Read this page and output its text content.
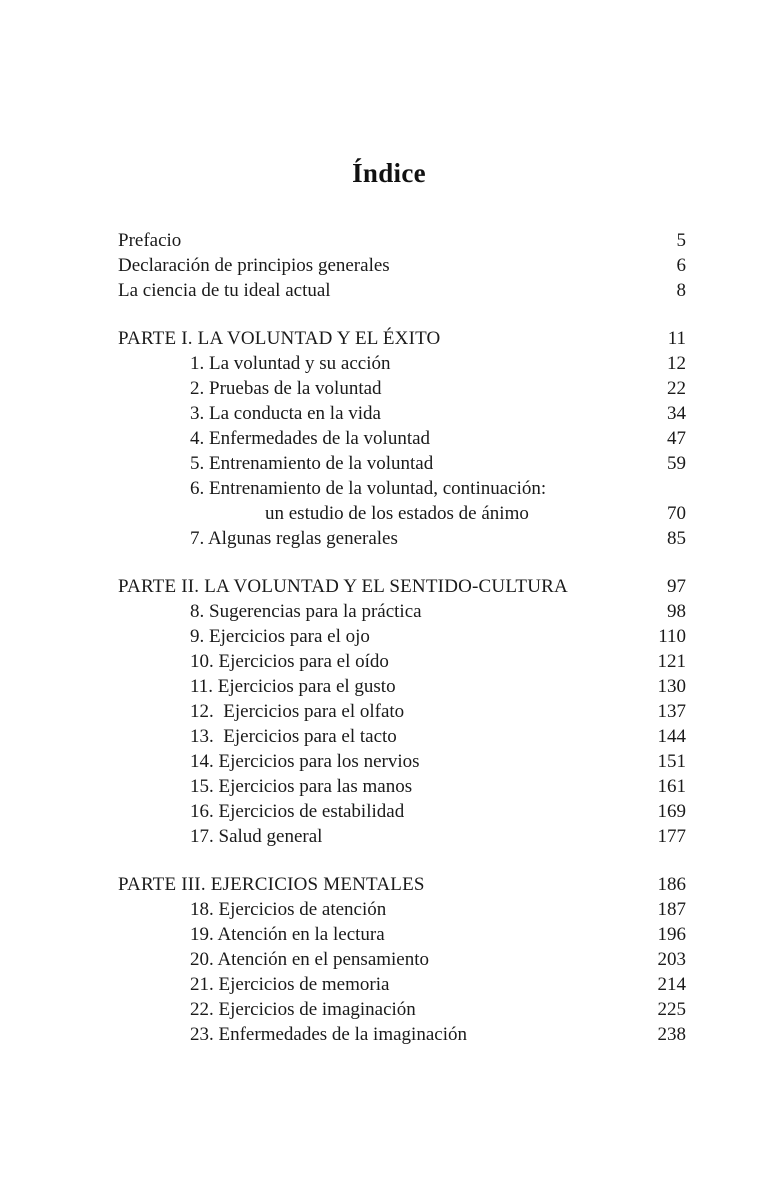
Índice
Prefacio	5
Declaración de principios generales	6
La ciencia de tu ideal actual	8
PARTE I. LA VOLUNTAD Y EL ÉXITO	11
1. La voluntad y su acción	12
2. Pruebas de la voluntad	22
3. La conducta en la vida	34
4. Enfermedades de la voluntad	47
5. Entrenamiento de la voluntad	59
6. Entrenamiento de la voluntad, continuación:
un estudio de los estados de ánimo	70
7. Algunas reglas generales	85
PARTE II. LA VOLUNTAD Y EL SENTIDO-CULTURA	97
8. Sugerencias para la práctica	98
9. Ejercicios para el ojo	110
10. Ejercicios para el oído	121
11. Ejercicios para el gusto	130
12.  Ejercicios para el olfato	137
13.  Ejercicios para el tacto	144
14. Ejercicios para los nervios	151
15. Ejercicios para las manos	161
16. Ejercicios de estabilidad	169
17. Salud general	177
PARTE III. EJERCICIOS MENTALES	186
18. Ejercicios de atención	187
19. Atención en la lectura	196
20. Atención en el pensamiento	203
21. Ejercicios de memoria	214
22. Ejercicios de imaginación	225
23. Enfermedades de la imaginación	238
